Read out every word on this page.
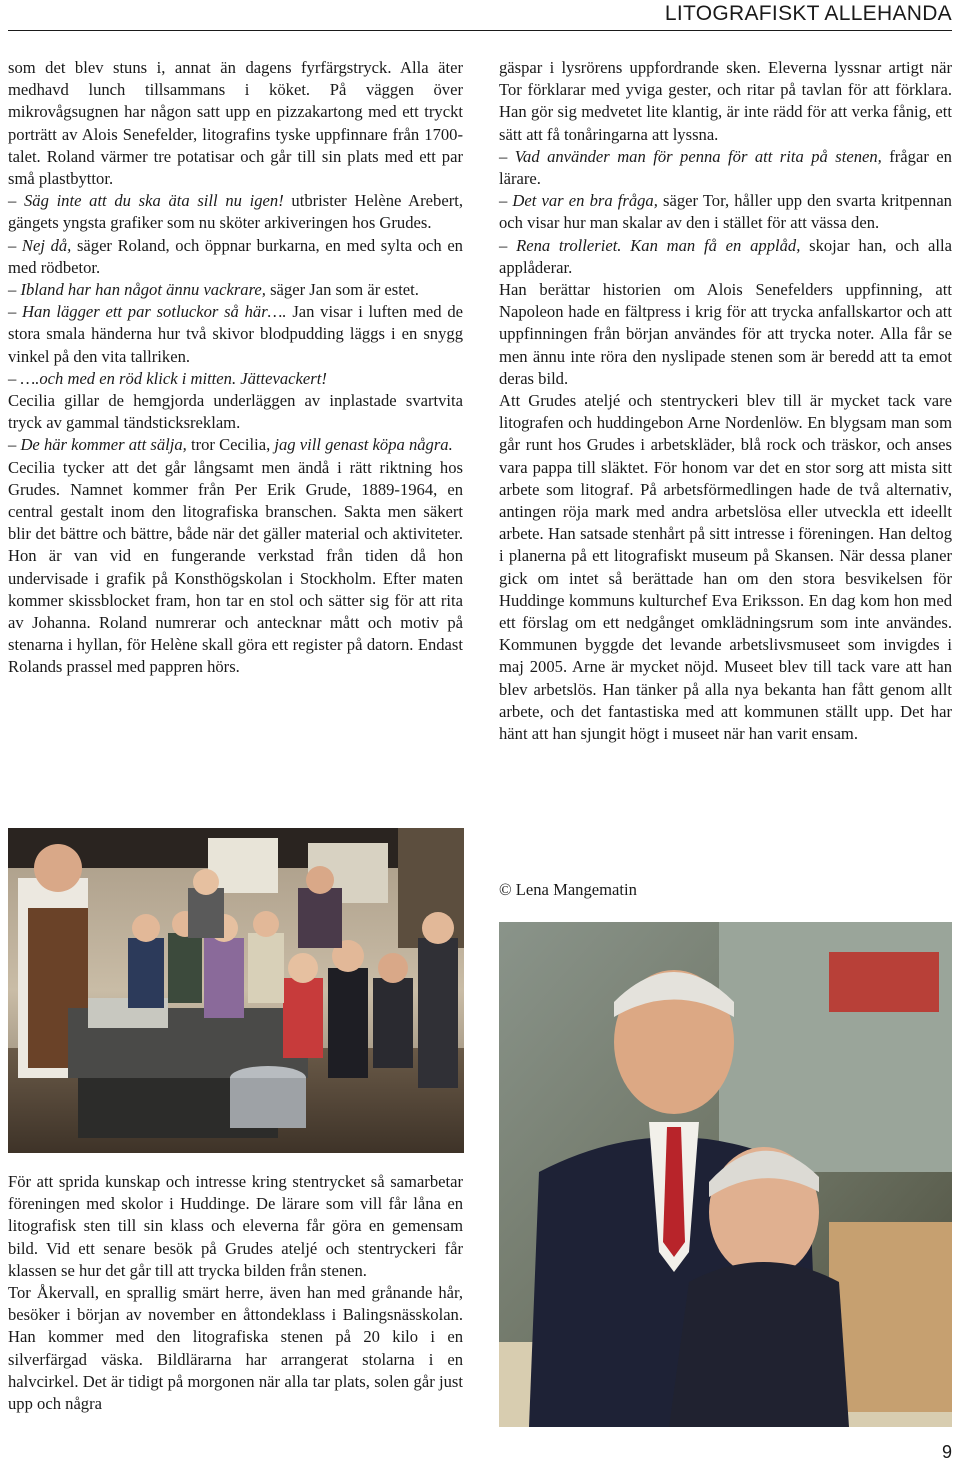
LITOGRAFISKT ALLEHANDA

som det blev stuns i, annat än dagens fyrfärgstryck. Alla äter medhavd lunch tillsammans i köket. På väggen över mikrovågsugnen har någon satt upp en pizzakartong med ett tryckt porträtt av Alois Senefelder, litografins tyske uppfinnare från 1700-talet. Roland värmer tre potatisar och går till sin plats med ett par små plastbyttor.

– Säg inte att du ska äta sill nu igen! utbrister Helène Arebert, gängets yngsta grafiker som nu sköter arkiveringen hos Grudes.

– Nej då, säger Roland, och öppnar burkarna, en med sylta och en med rödbetor.

– Ibland har han något ännu vackrare, säger Jan som är estet.

– Han lägger ett par sotluckor så här…. Jan visar i luften med de stora smala händerna hur två skivor blodpudding läggs i en snygg vinkel på den vita tallriken.

– ….och med en röd klick i mitten. Jättevackert!

Cecilia gillar de hemgjorda underläggen av inplastade svartvita tryck av gammal tändsticksreklam.

– De här kommer att sälja, tror Cecilia, jag vill genast köpa några.

Cecilia tycker att det går långsamt men ändå i rätt riktning hos Grudes. Namnet kommer från Per Erik Grude, 1889-1964, en central gestalt inom den litografiska branschen. Sakta men säkert blir det bättre och bättre, både när det gäller material och aktiviteter. Hon är van vid en fungerande verkstad från tiden då hon undervisade i grafik på Konsthögskolan i Stockholm. Efter maten kommer skissblocket fram, hon tar en stol och sätter sig för att rita av Johanna. Roland numrerar och antecknar mått och motiv på stenarna i hyllan, för Helène skall göra ett register på datorn. Endast Rolands prassel med pappren hörs.

För att sprida kunskap och intresse kring stentrycket så samarbetar föreningen med skolor i Huddinge. De lärare som vill får låna en litografisk sten till sin klass och eleverna får göra en gemensam bild. Vid ett senare besök på Grudes ateljé och stentryckeri får klassen se hur det går till att trycka bilden från stenen.

Tor Åkervall, en sprallig smärt herre, även han med grånande hår, besöker i början av november en åttondeklass i Balingsnässkolan. Han kommer med den litografiska stenen på 20 kilo i en silverfärgad väska. Bildlärarna har arrangerat stolarna i en halvcirkel. Det är tidigt på morgonen när alla tar plats, solen går just upp och några

gäspar i lysrörens uppfordrande sken. Eleverna lyssnar artigt när Tor förklarar med yviga gester, och ritar på tavlan för att förklara. Han gör sig medvetet lite klantig, är inte rädd för att verka fånig, ett sätt att få tonåringarna att lyssna.

– Vad använder man för penna för att rita på stenen, frågar en lärare.

– Det var en bra fråga, säger Tor, håller upp den svarta kritpennan och visar hur man skalar av den i stället för att vässa den.

– Rena trolleriet. Kan man få en applåd, skojar han, och alla applåderar.

Han berättar historien om Alois Senefelders uppfinning, att Napoleon hade en fältpress i krig för att trycka anfallskartor och att uppfinningen från början användes för att trycka noter. Alla får se men ännu inte röra den nyslipade stenen som är beredd att ta emot deras bild.

Att Grudes ateljé och stentryckeri blev till är mycket tack vare litografen och huddingebon Arne Nordenlöw. En blygsam man som går runt hos Grudes i arbetskläder, blå rock och träskor, och anses vara pappa till släktet. För honom var det en stor sorg att mista sitt arbete som litograf. På arbetsförmedlingen hade de två alternativ, antingen röja mark med andra arbetslösa eller utveckla ett ideellt arbete. Han satsade stenhårt på sitt intresse i föreningen. Han deltog i planerna på ett litografiskt museum på Skansen. När dessa planer gick om intet så berättade han om den stora besvikelsen för Huddinge kommuns kulturchef Eva Eriksson. En dag kom hon med ett förslag om ett nedgånget omklädningsrum som inte användes. Kommunen byggde det levande arbetslivsmuseet som invigdes i maj 2005. Arne är mycket nöjd. Museet blev till tack vare att han blev arbetslös. Han tänker på alla nya bekanta han fått genom allt arbete, och det fantastiska med att kommunen ställt upp. Det har hänt att han sjungit högt i museet när han varit ensam.

© Lena Mangematin
9
